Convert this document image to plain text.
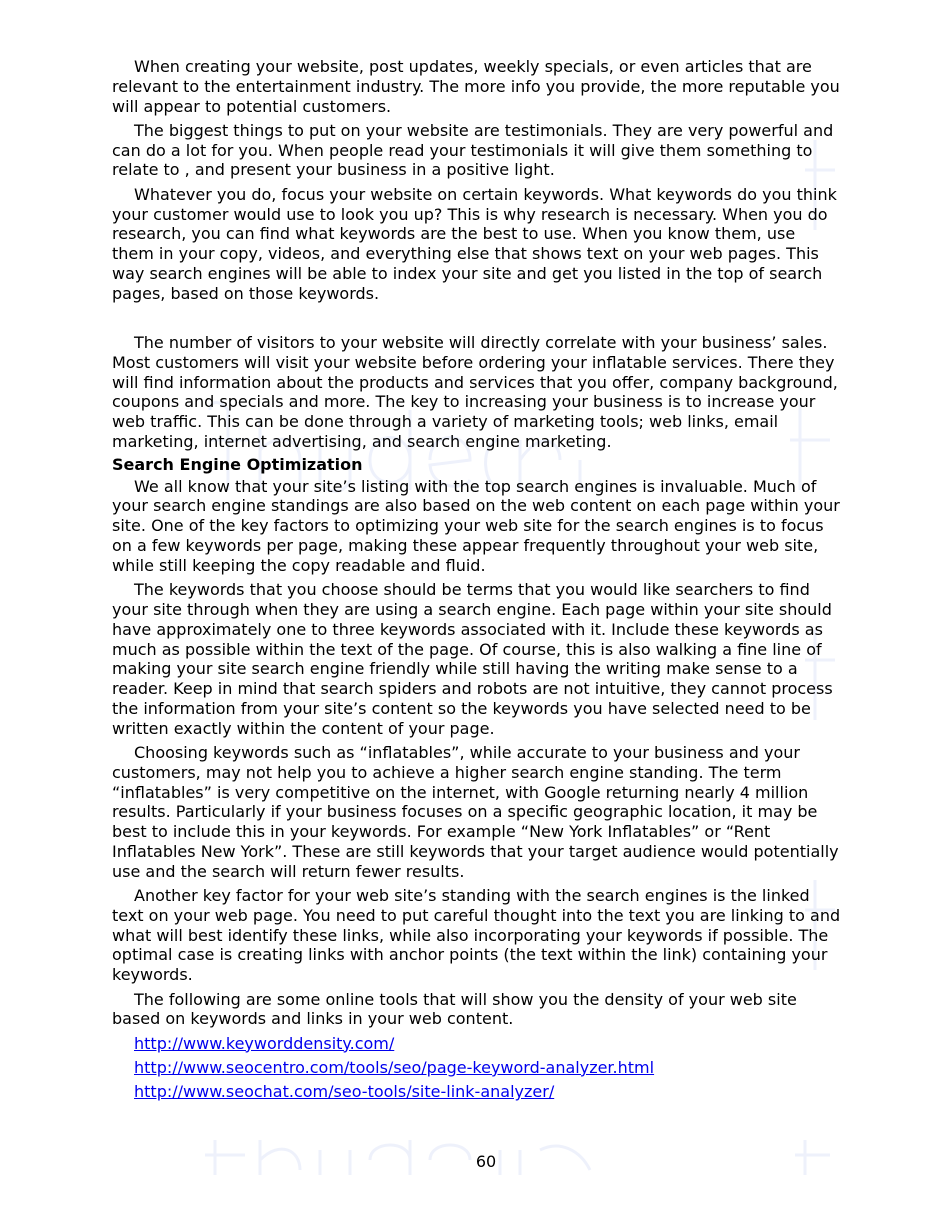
When creating your website, post updates, weekly specials, or even articles that are relevant to the entertainment industry. The more info you provide, the more reputable you will appear to potential customers.

The biggest things to put on your website are testimonials. They are very powerful and can do a lot for you. When people read your testimonials it will give them something to relate to , and present your business in a positive light.

Whatever you do, focus your website on certain keywords. What keywords do you think your customer would use to look you up? This is why research is necessary. When you do research, you can find what keywords are the best to use. When you know them, use them in your copy, videos, and everything else that shows text on your web pages. This way search engines will be able to index your site and get you listed in the top of search pages, based on those keywords.

The number of visitors to your website will directly correlate with your business’ sales. Most customers will visit your website before ordering your inflatable services. There they will find information about the products and services that you offer, company background, coupons and specials and more. The key to increasing your business is to increase your web traffic. This can be done through a variety of marketing tools; web links, email marketing, internet advertising, and search engine marketing.

Search Engine Optimization

We all know that your site’s listing with the top search engines is invaluable. Much of your search engine standings are also based on the web content on each page within your site. One of the key factors to optimizing your web site for the search engines is to focus on a few keywords per page, making these appear frequently throughout your web site, while still keeping the copy readable and fluid.

The keywords that you choose should be terms that you would like searchers to find your site through when they are using a search engine. Each page within your site should have approximately one to three keywords associated with it. Include these keywords as much as possible within the text of the page. Of course, this is also walking a fine line of making your site search engine friendly while still having the writing make sense to a reader. Keep in mind that search spiders and robots are not intuitive, they cannot process the information from your site’s content so the keywords you have selected need to be written exactly within the content of your page.

Choosing keywords such as “inflatables”, while accurate to your business and your customers, may not help you to achieve a higher search engine standing. The term “inflatables” is very competitive on the internet, with Google returning nearly 4 million results. Particularly if your business focuses on a specific geographic location, it may be best to include this in your keywords. For example “New York Inflatables” or “Rent Inflatables New York”. These are still keywords that your target audience would potentially use and the search will return fewer results.

Another key factor for your web site’s standing with the search engines is the linked text on your web page. You need to put careful thought into the text you are linking to and what will best identify these links, while also incorporating your keywords if possible. The optimal case is creating links with anchor points (the text within the link) containing your keywords.

The following are some online tools that will show you the density of your web site based on keywords and links in your web content.

http://www.keyworddensity.com/

http://www.seocentro.com/tools/seo/page-keyword-analyzer.html

http://www.seochat.com/seo-tools/site-link-analyzer/

60
